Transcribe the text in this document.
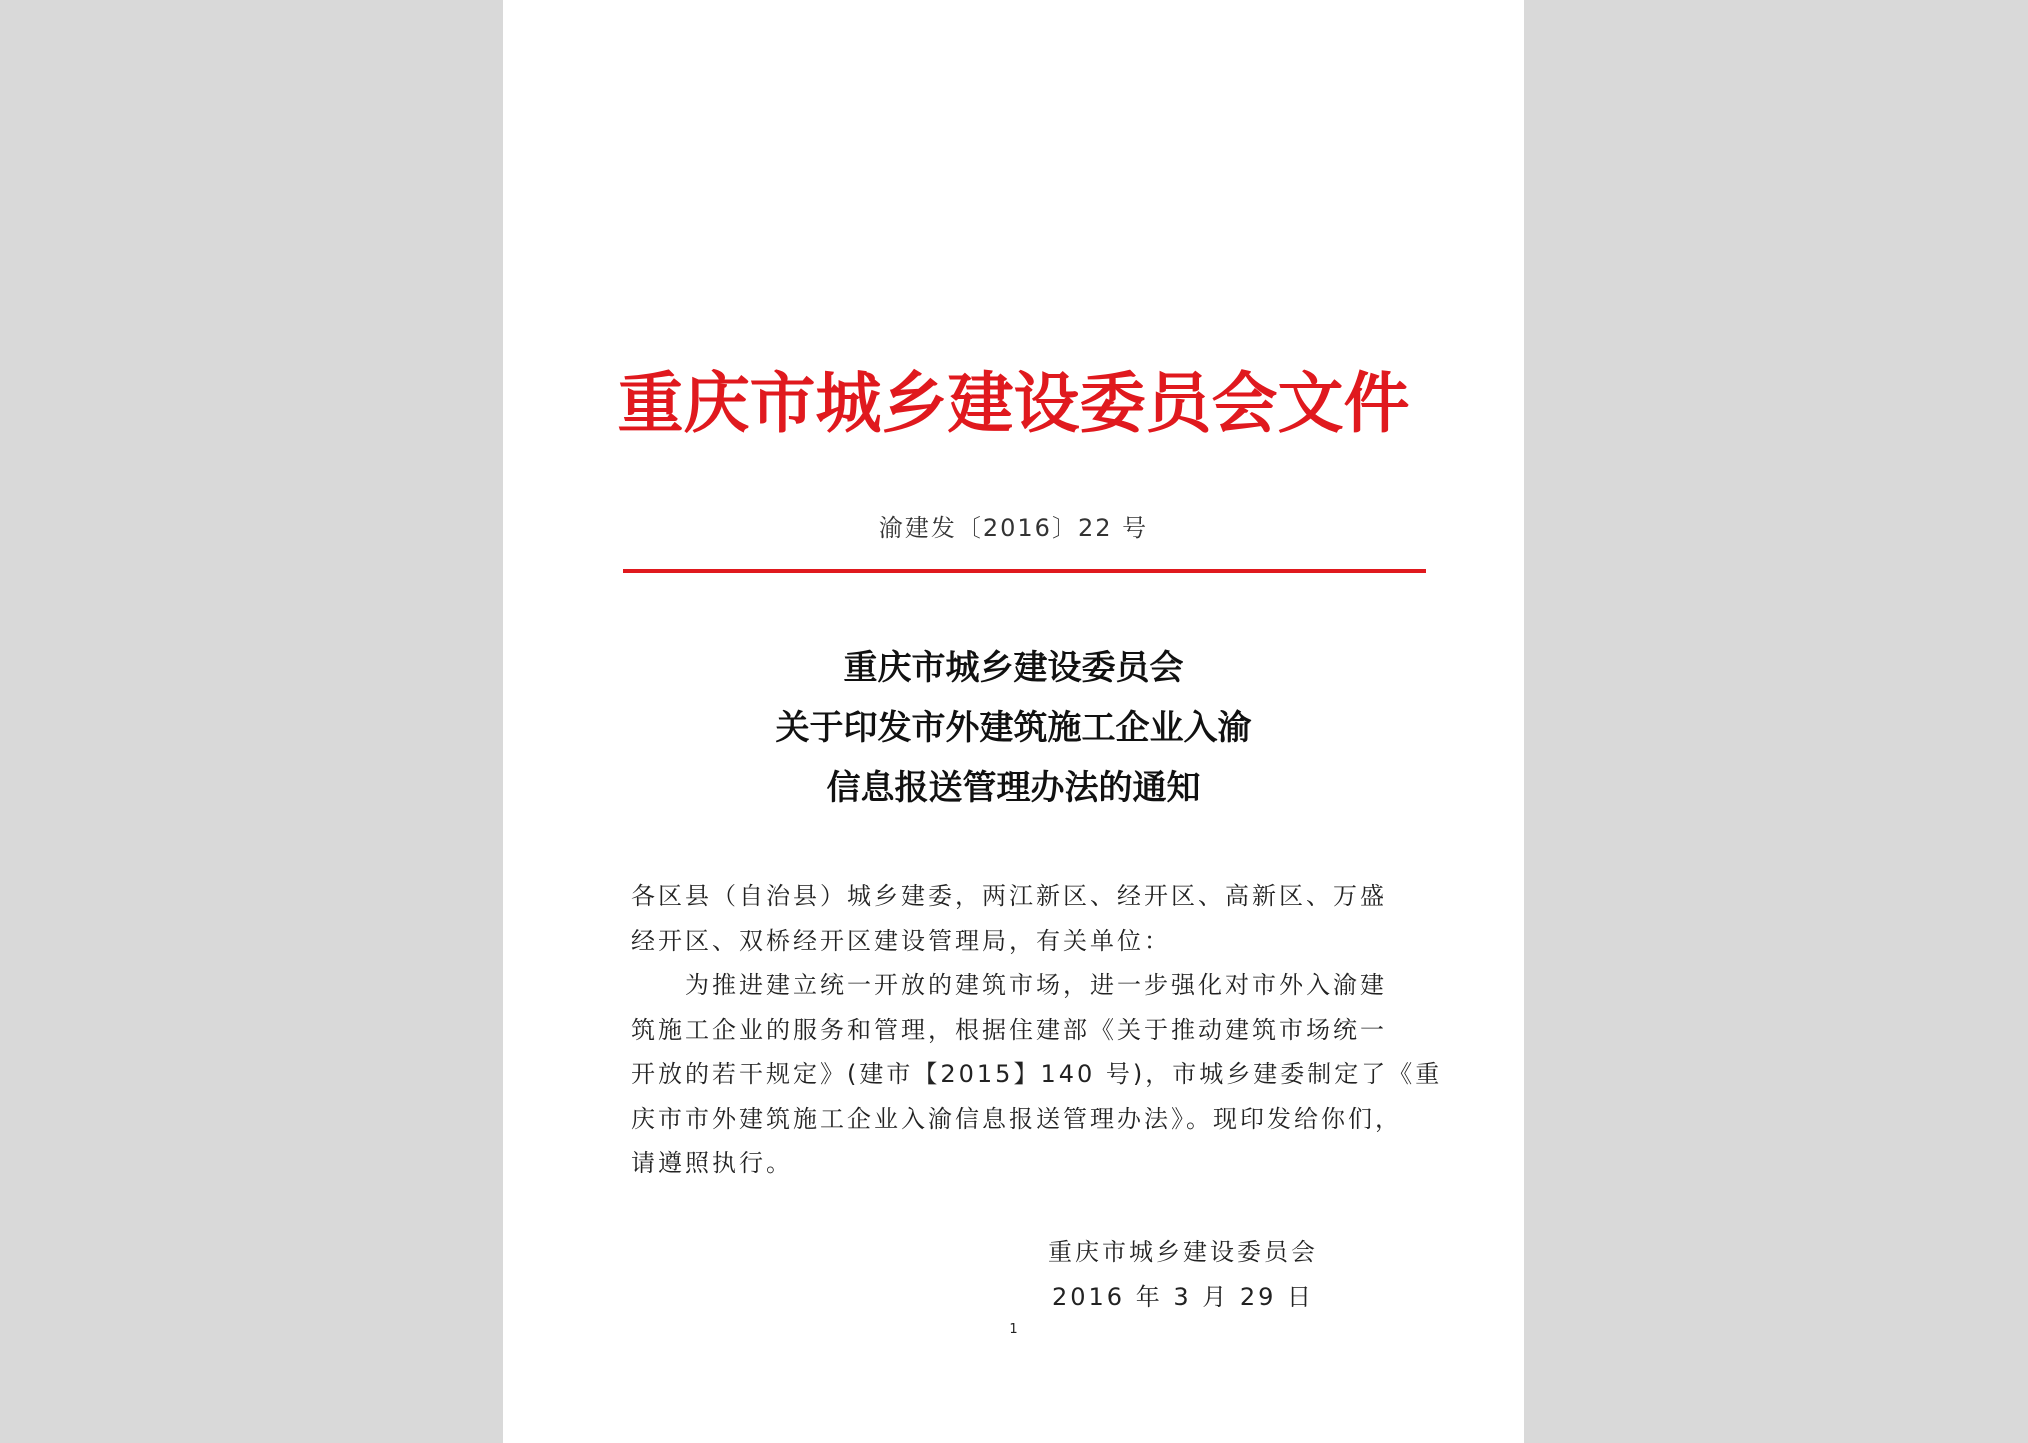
重庆市城乡建设委员会文件
渝建发〔2016〕22 号
重庆市城乡建设委员会
关于印发市外建筑施工企业入渝
信息报送管理办法的通知
各区县（自治县）城乡建委，两江新区、经开区、高新区、万盛
经开区、双桥经开区建设管理局，有关单位：
为推进建立统一开放的建筑市场，进一步强化对市外入渝建
筑施工企业的服务和管理，根据住建部《关于推动建筑市场统一
开放的若干规定》(建市【2015】140 号)，市城乡建委制定了《重
庆市市外建筑施工企业入渝信息报送管理办法》。现印发给你们，
请遵照执行。
重庆市城乡建设委员会
2016 年 3 月 29 日
1
